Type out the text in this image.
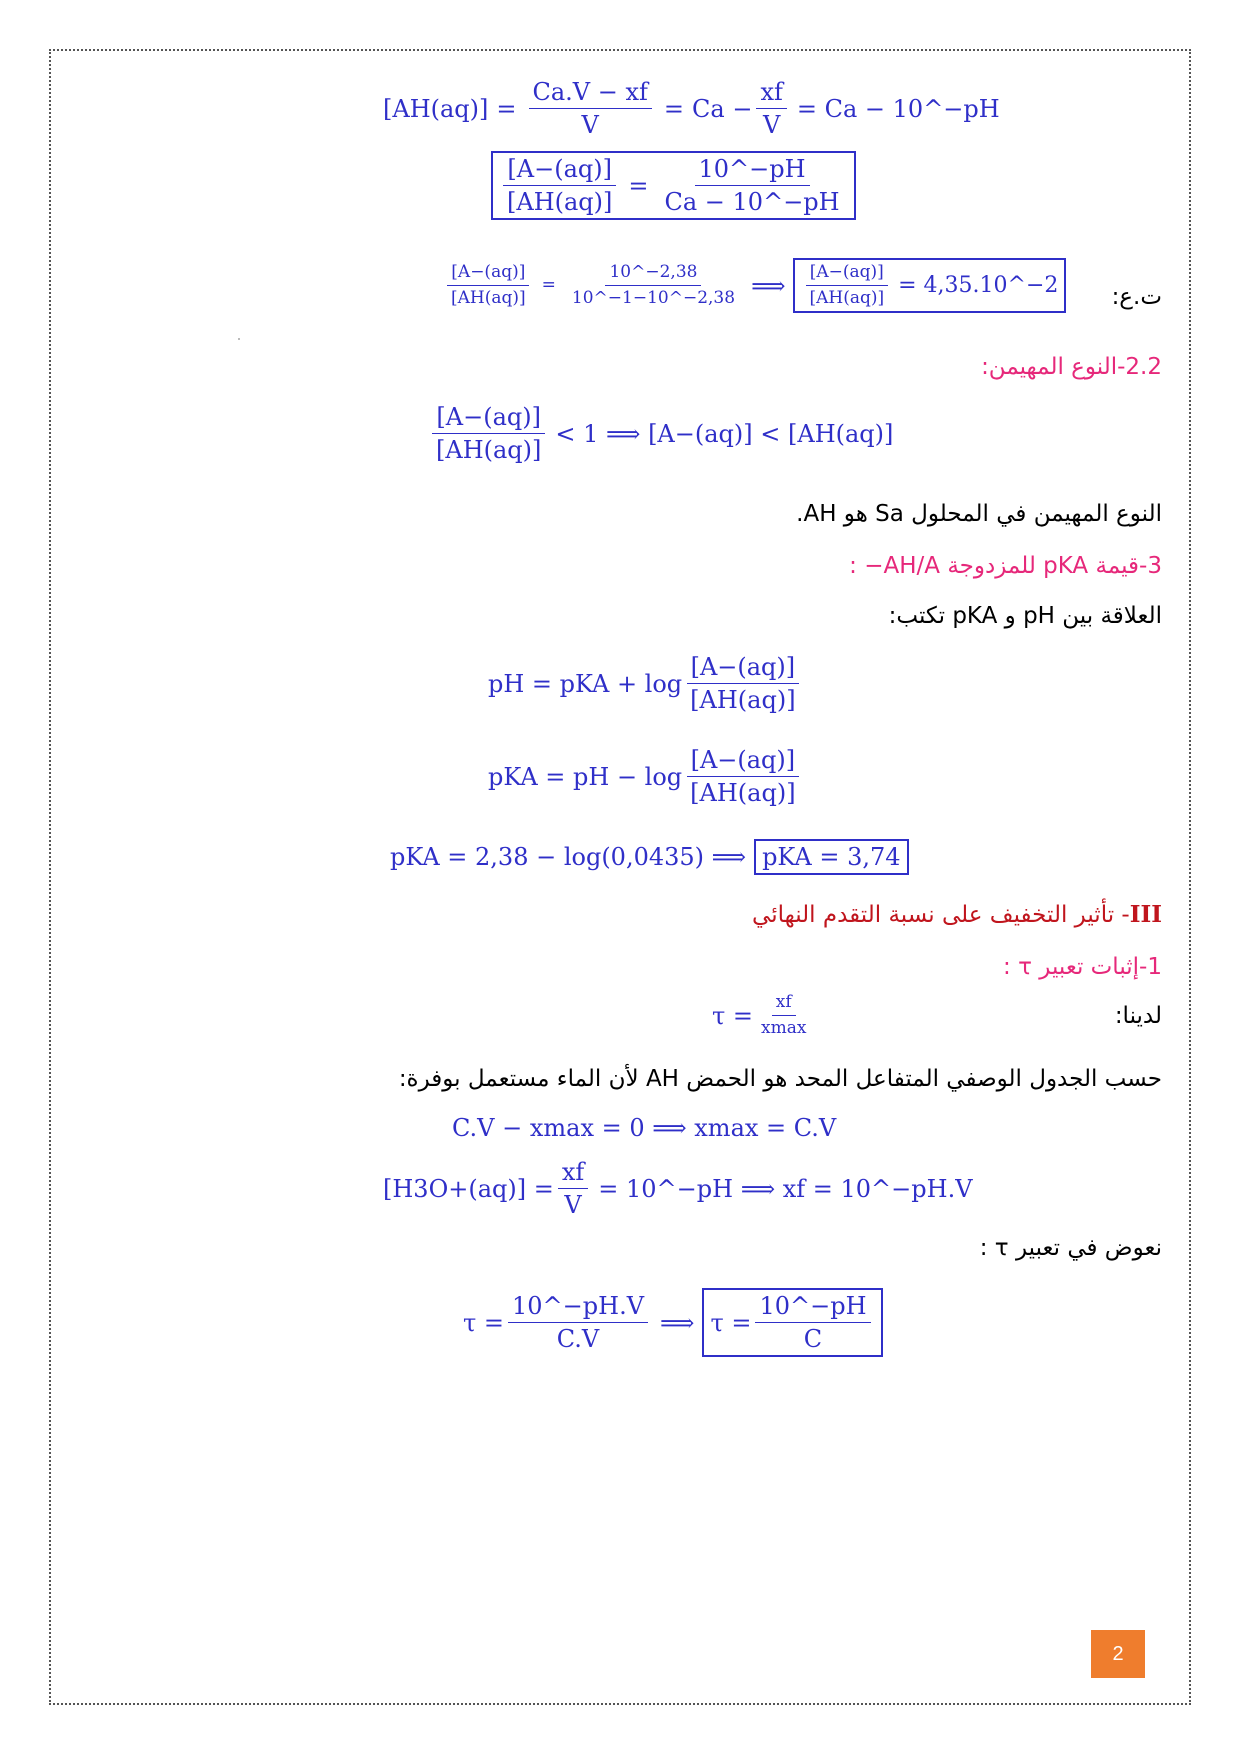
$[AH(aq)] = \frac{Ca.V - xf}{V} = Ca - \frac{xf}{V} = Ca$ − 10^−pH
$\frac{[A-(aq)]}{[AH(aq)]} = \frac{10\^{}-pH}{Ca - 10\^{}-pH}$
ت.ع:
$\frac{[A-(aq)]}{[AH(aq)]} = \frac{10\^{}-2,38}{10\^{}-1-10\^{}-2,38}$ ⟹ $\frac{[A-(aq)]}{[AH(aq)]}$ = 4,35.10^−2
2.2-النوع المهيمن:
$\frac{[A-(aq)]}{[AH(aq)]} < 1$ ⟹ [A−(aq)] < [AH(aq)]
النوع المهيمن في المحلول Sa هو AH.
3-قيمة pKA للمزدوجة AH/A− :
العلاقة بين pH و pKA تكتب:
pH = pKA + $\log \frac{[A-(aq)]}{[AH(aq)]}$
pKA = pH − $\log \frac{[A-(aq)]}{[AH(aq)]}$
pKA = 2,38 − log(0,0435) ⟹ pKA = 3,74
III- تأثير التخفيف على نسبة التقدم النهائي
1-إثبات تعبير τ :
لدينا:
τ = xf
xmax
حسب الجدول الوصفي المتفاعل المحد هو الحمض AH لأن الماء مستعمل بوفرة:
C.V − xmax = 0 ⟹ xmax = C.V
$[H3O+(aq)] = \frac{xf}{V}$ = 10^−pH ⟹ xf = 10^−pH.V
نعوض في تعبير τ :
$\tau = \frac{10\^{}-pH.V}{C.V}$ ⟹ $\tau = \frac{10\^{}-pH}{C}$
2
